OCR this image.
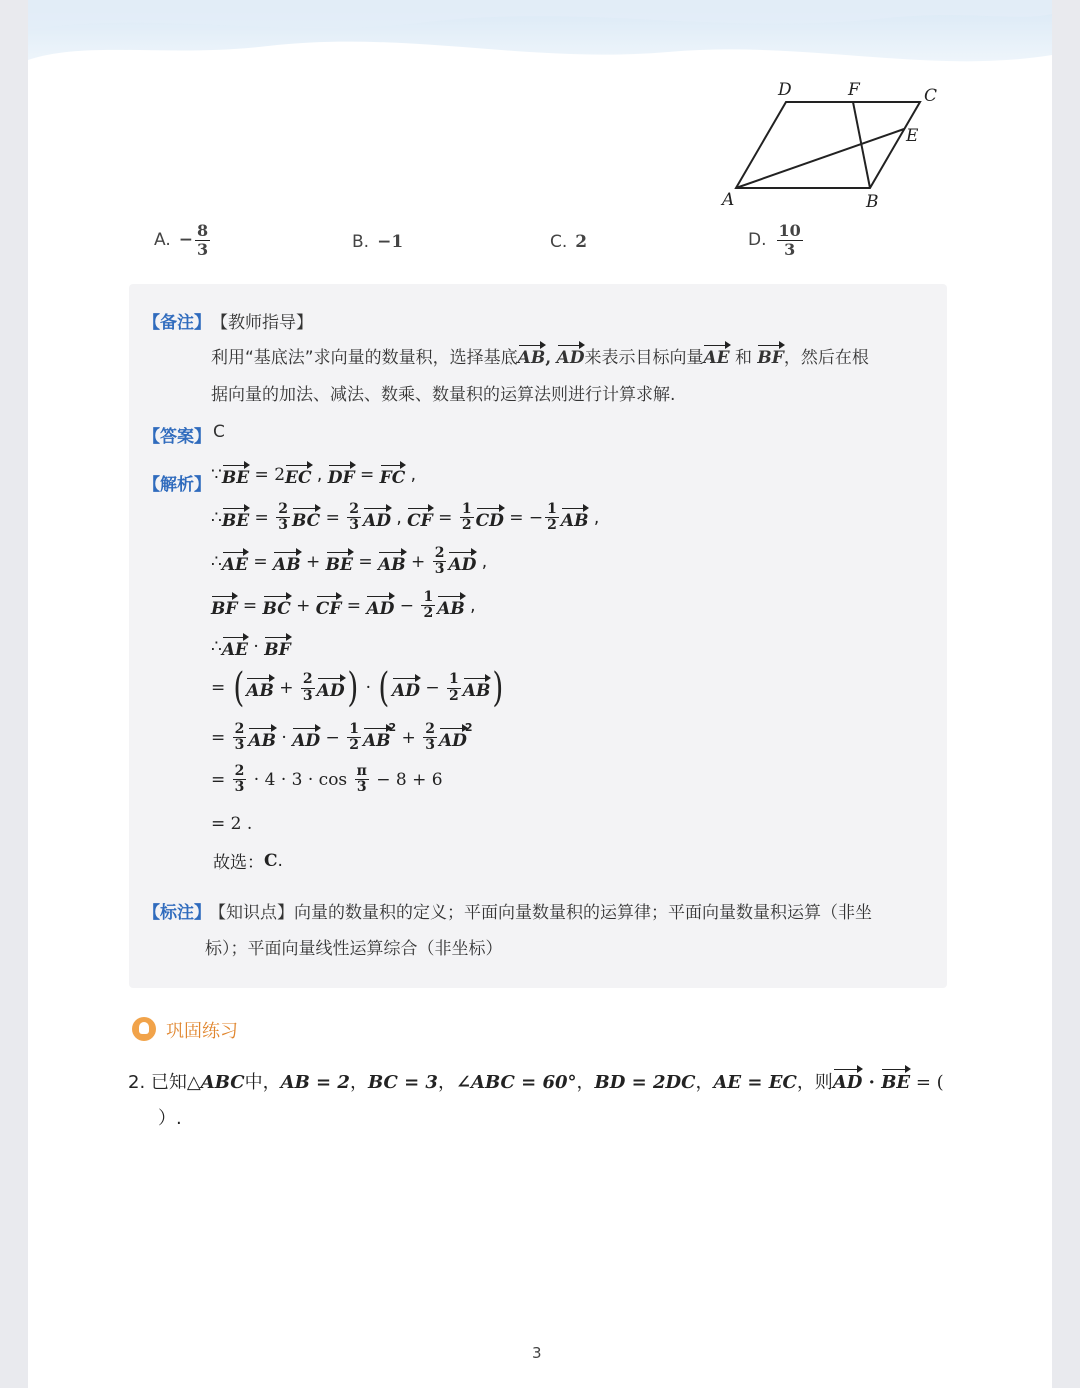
D	F	C
E
A	B
A. − $\frac{8}{3}$	B. −1	C. 2	D. $\frac{10}{3}$
【备注】 【教师指导】
利用“基底法”求向量的数量积，选择基底AB, AD来表示目标向量AE 和 BF，然后在根
据向量的加法、减法、数乘、数量积的运算法则进行计算求解.
【答案】 C
【解析】 ∵ BE = 2 EC , DF = FC ,
∴ BE = $\frac{2}{3}$ BC = $\frac{2}{3}$ AD , CF = $\frac{1}{2}$ CD = − $\frac{1}{2}$ AB ,
∴ AE = AB + BE = AB + $\frac{2}{3}$ AD ,
BF = BC + CF = AD − $\frac{1}{2}$ AB ,
∴ AE · BF
= ( AB + $\frac{2}{3}$ AD ) · ( AD − $\frac{1}{2}$ AB )
= $\frac{2}{3}$ AB · AD − $\frac{1}{2}$ AB
$^2 + \frac{2}{3}$ AD
$^2$
= $\frac{2}{3} \cdot 4 \cdot 3 \cdot \cos \frac{\pi}{3} - 8 + 6$
= 2 .
故选： C .
【标注】
【知识点】向量的数量积的定义；平面向量数量积的运算律；平面向量数量积运算（非坐
标）；平面向量线性运算综合（非坐标）
巩固练习
2. 已知△ABC中，AB = 2，BC = 3，∠ABC = 60°，BD = 2DC，AE = EC，则AD · BE = (
）.
3
